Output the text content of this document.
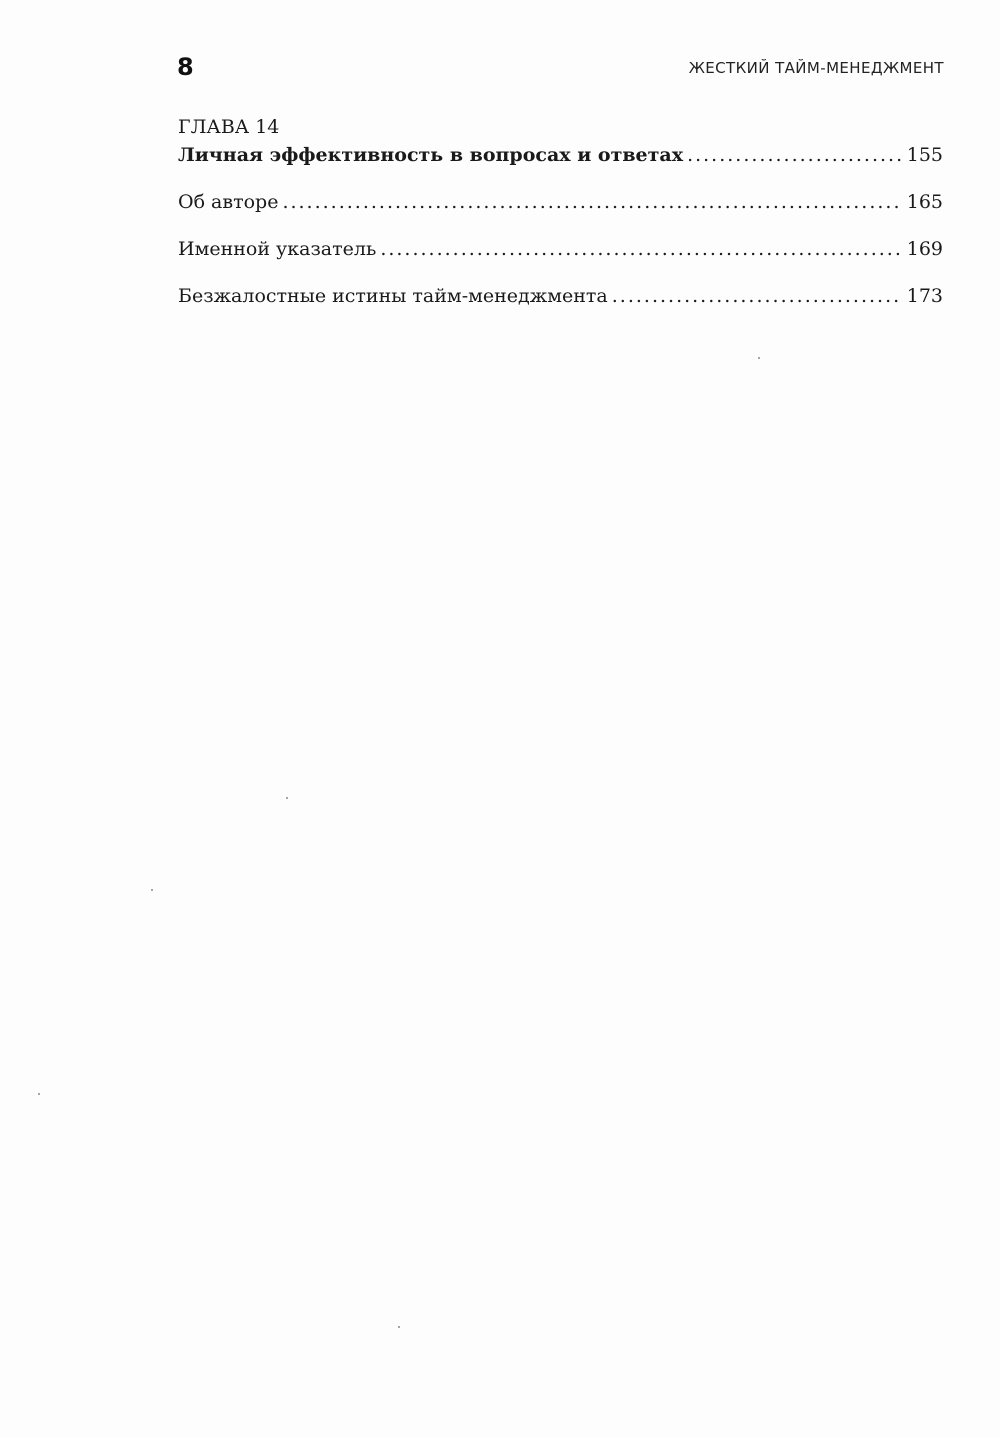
8	ЖЕСТКИЙ ТАЙМ-МЕНЕДЖМЕНТ
ГЛАВА 14
Личная эффективность в вопросах и ответах .....	155
Об авторе .....	165
Именной указатель .....	169
Безжалостные истины тайм-менеджмента .....	173
